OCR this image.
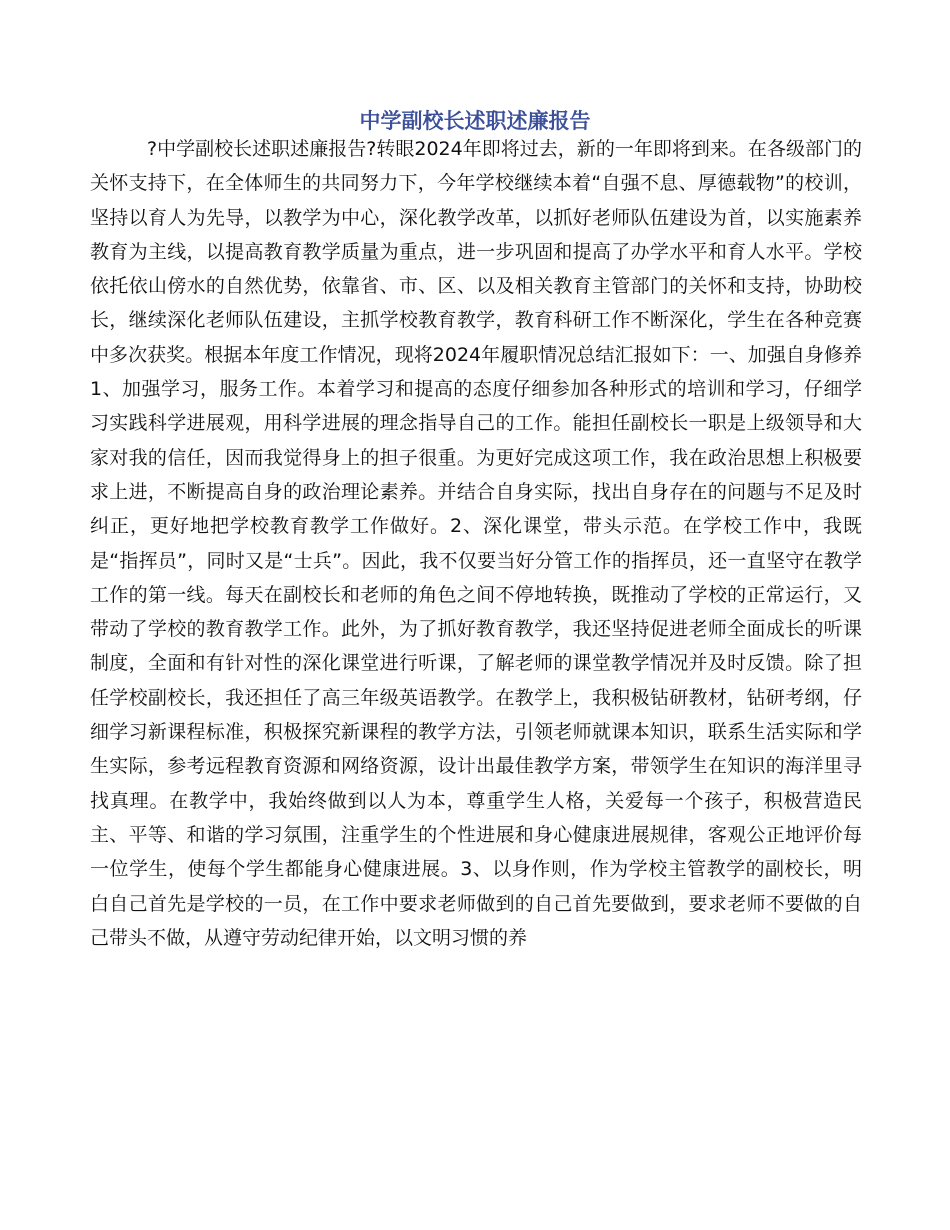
中学副校长述职述廉报告

?中学副校长述职述廉报告?转眼2024年即将过去，新的一年即将到来。在各级部门的关怀支持下，在全体师生的共同努力下，今年学校继续本着“自强不息、厚德载物”的校训，坚持以育人为先导，以教学为中心，深化教学改革，以抓好老师队伍建设为首，以实施素养教育为主线，以提高教育教学质量为重点，进一步巩固和提高了办学水平和育人水平。学校依托依山傍水的自然优势，依靠省、市、区、以及相关教育主管部门的关怀和支持，协助校长，继续深化老师队伍建设，主抓学校教育教学，教育科研工作不断深化，学生在各种竞赛中多次获奖。根据本年度工作情况，现将2024年履职情况总结汇报如下：一、加强自身修养 1、加强学习，服务工作。本着学习和提高的态度仔细参加各种形式的培训和学习，仔细学习实践科学进展观，用科学进展的理念指导自己的工作。能担任副校长一职是上级领导和大家对我的信任，因而我觉得身上的担子很重。为更好完成这项工作，我在政治思想上积极要求上进，不断提高自身的政治理论素养。并结合自身实际，找出自身存在的问题与不足及时纠正，更好地把学校教育教学工作做好。2、深化课堂，带头示范。在学校工作中，我既是“指挥员”，同时又是“士兵”。因此，我不仅要当好分管工作的指挥员，还一直坚守在教学工作的第一线。每天在副校长和老师的角色之间不停地转换，既推动了学校的正常运行，又带动了学校的教育教学工作。此外，为了抓好教育教学，我还坚持促进老师全面成长的听课制度，全面和有针对性的深化课堂进行听课，了解老师的课堂教学情况并及时反馈。除了担任学校副校长，我还担任了高三年级英语教学。在教学上，我积极钻研教材，钻研考纲，仔细学习新课程标准，积极探究新课程的教学方法，引领老师就课本知识，联系生活实际和学生实际，参考远程教育资源和网络资源，设计出最佳教学方案，带领学生在知识的海洋里寻找真理。在教学中，我始终做到以人为本，尊重学生人格，关爱每一个孩子，积极营造民主、平等、和谐的学习氛围，注重学生的个性进展和身心健康进展规律，客观公正地评价每一位学生，使每个学生都能身心健康进展。3、以身作则，作为学校主管教学的副校长，明白自己首先是学校的一员，在工作中要求老师做到的自己首先要做到，要求老师不要做的自己带头不做，从遵守劳动纪律开始，以文明习惯的养
